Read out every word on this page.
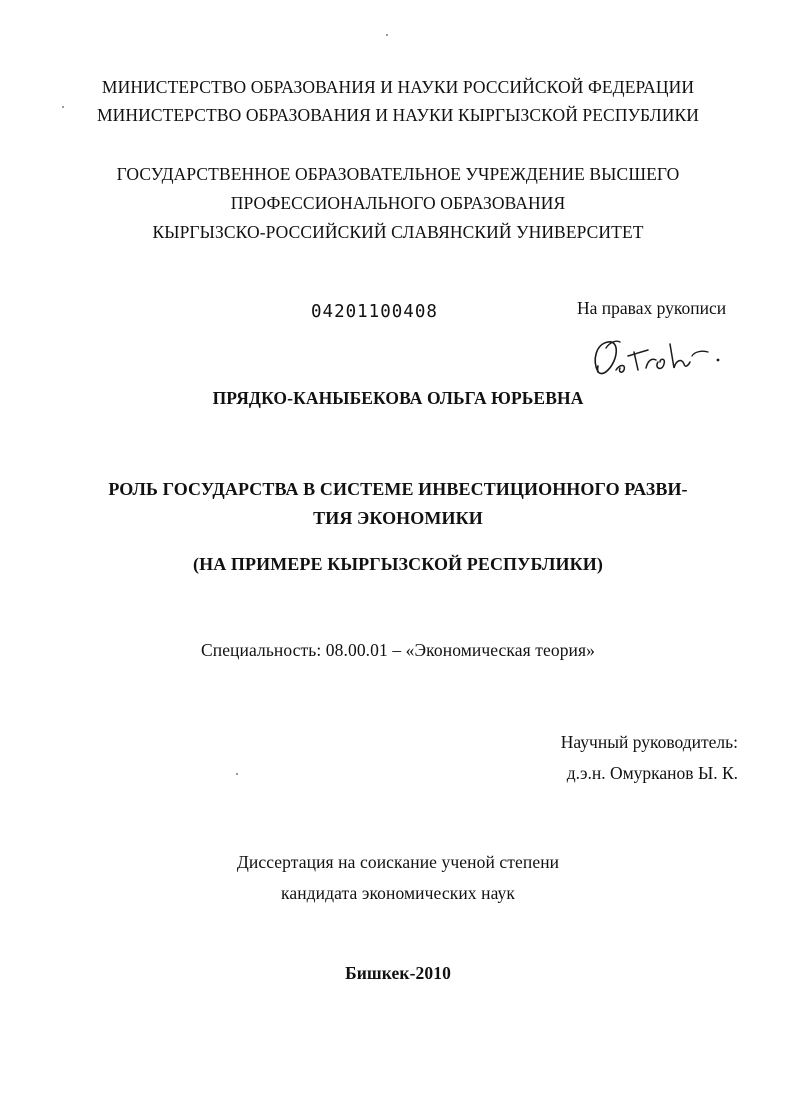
МИНИСТЕРСТВО ОБРАЗОВАНИЯ И НАУКИ РОССИЙСКОЙ ФЕДЕРАЦИИ
МИНИСТЕРСТВО ОБРАЗОВАНИЯ И НАУКИ КЫРГЫЗСКОЙ РЕСПУБЛИКИ
ГОСУДАРСТВЕННОЕ ОБРАЗОВАТЕЛЬНОЕ УЧРЕЖДЕНИЕ ВЫСШЕГО
ПРОФЕССИОНАЛЬНОГО ОБРАЗОВАНИЯ
КЫРГЫЗСКО-РОССИЙСКИЙ СЛАВЯНСКИЙ УНИВЕРСИТЕТ
04201100408	На правах рукописи
ПРЯДКО-КАНЫБЕКОВА ОЛЬГА ЮРЬЕВНА
РОЛЬ ГОСУДАРСТВА В СИСТЕМЕ ИНВЕСТИЦИОННОГО РАЗВИ-
ТИЯ ЭКОНОМИКИ
(НА ПРИМЕРЕ КЫРГЫЗСКОЙ РЕСПУБЛИКИ)
Специальность: 08.00.01 – «Экономическая теория»
Научный руководитель:
д.э.н. Омурканов Ы. К.
Диссертация на соискание ученой степени
кандидата экономических наук
Бишкек-2010
